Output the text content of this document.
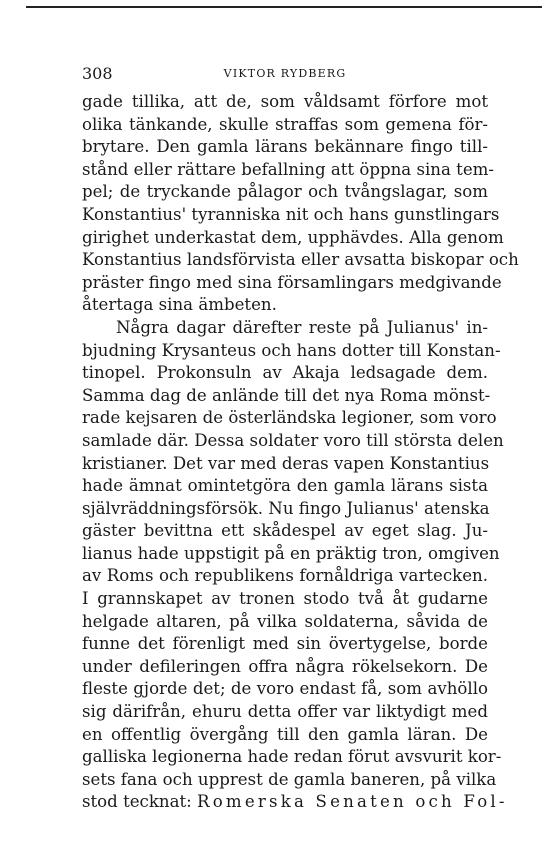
308	VIKTOR RYDBERG
gade tillika, att de, som våldsamt förfore mot
olika tänkande, skulle straffas som gemena för-
brytare. Den gamla lärans bekännare fingo till-
stånd eller rättare befallning att öppna sina tem-
pel; de tryckande pålagor och tvångslagar, som
Konstantius' tyranniska nit och hans gunstlingars
girighet underkastat dem, upphävdes. Alla genom
Konstantius landsförvista eller avsatta biskopar och
präster fingo med sina församlingars medgivande
återtaga sina ämbeten.
Några dagar därefter reste på Julianus' in-
bjudning Krysanteus och hans dotter till Konstan-
tinopel. Prokonsuln av Akaja ledsagade dem.
Samma dag de anlände till det nya Roma mönst-
rade kejsaren de österländska legioner, som voro
samlade där. Dessa soldater voro till största delen
kristianer. Det var med deras vapen Konstantius
hade ämnat omintetgöra den gamla lärans sista
självräddningsförsök. Nu fingo Julianus' atenska
gäster bevittna ett skådespel av eget slag. Ju-
lianus hade uppstigit på en präktig tron, omgiven
av Roms och republikens fornåldriga vartecken.
I grannskapet av tronen stodo två åt gudarne
helgade altaren, på vilka soldaterna, såvida de
funne det förenligt med sin övertygelse, borde
under defileringen offra några rökelsekorn. De
fleste gjorde det; de voro endast få, som avhöllo
sig därifrån, ehuru detta offer var liktydigt med
en offentlig övergång till den gamla läran. De
galliska legionerna hade redan förut avsvurit kor-
sets fana och upprest de gamla baneren, på vilka
stod tecknat: Romerska Senaten och Fol-
